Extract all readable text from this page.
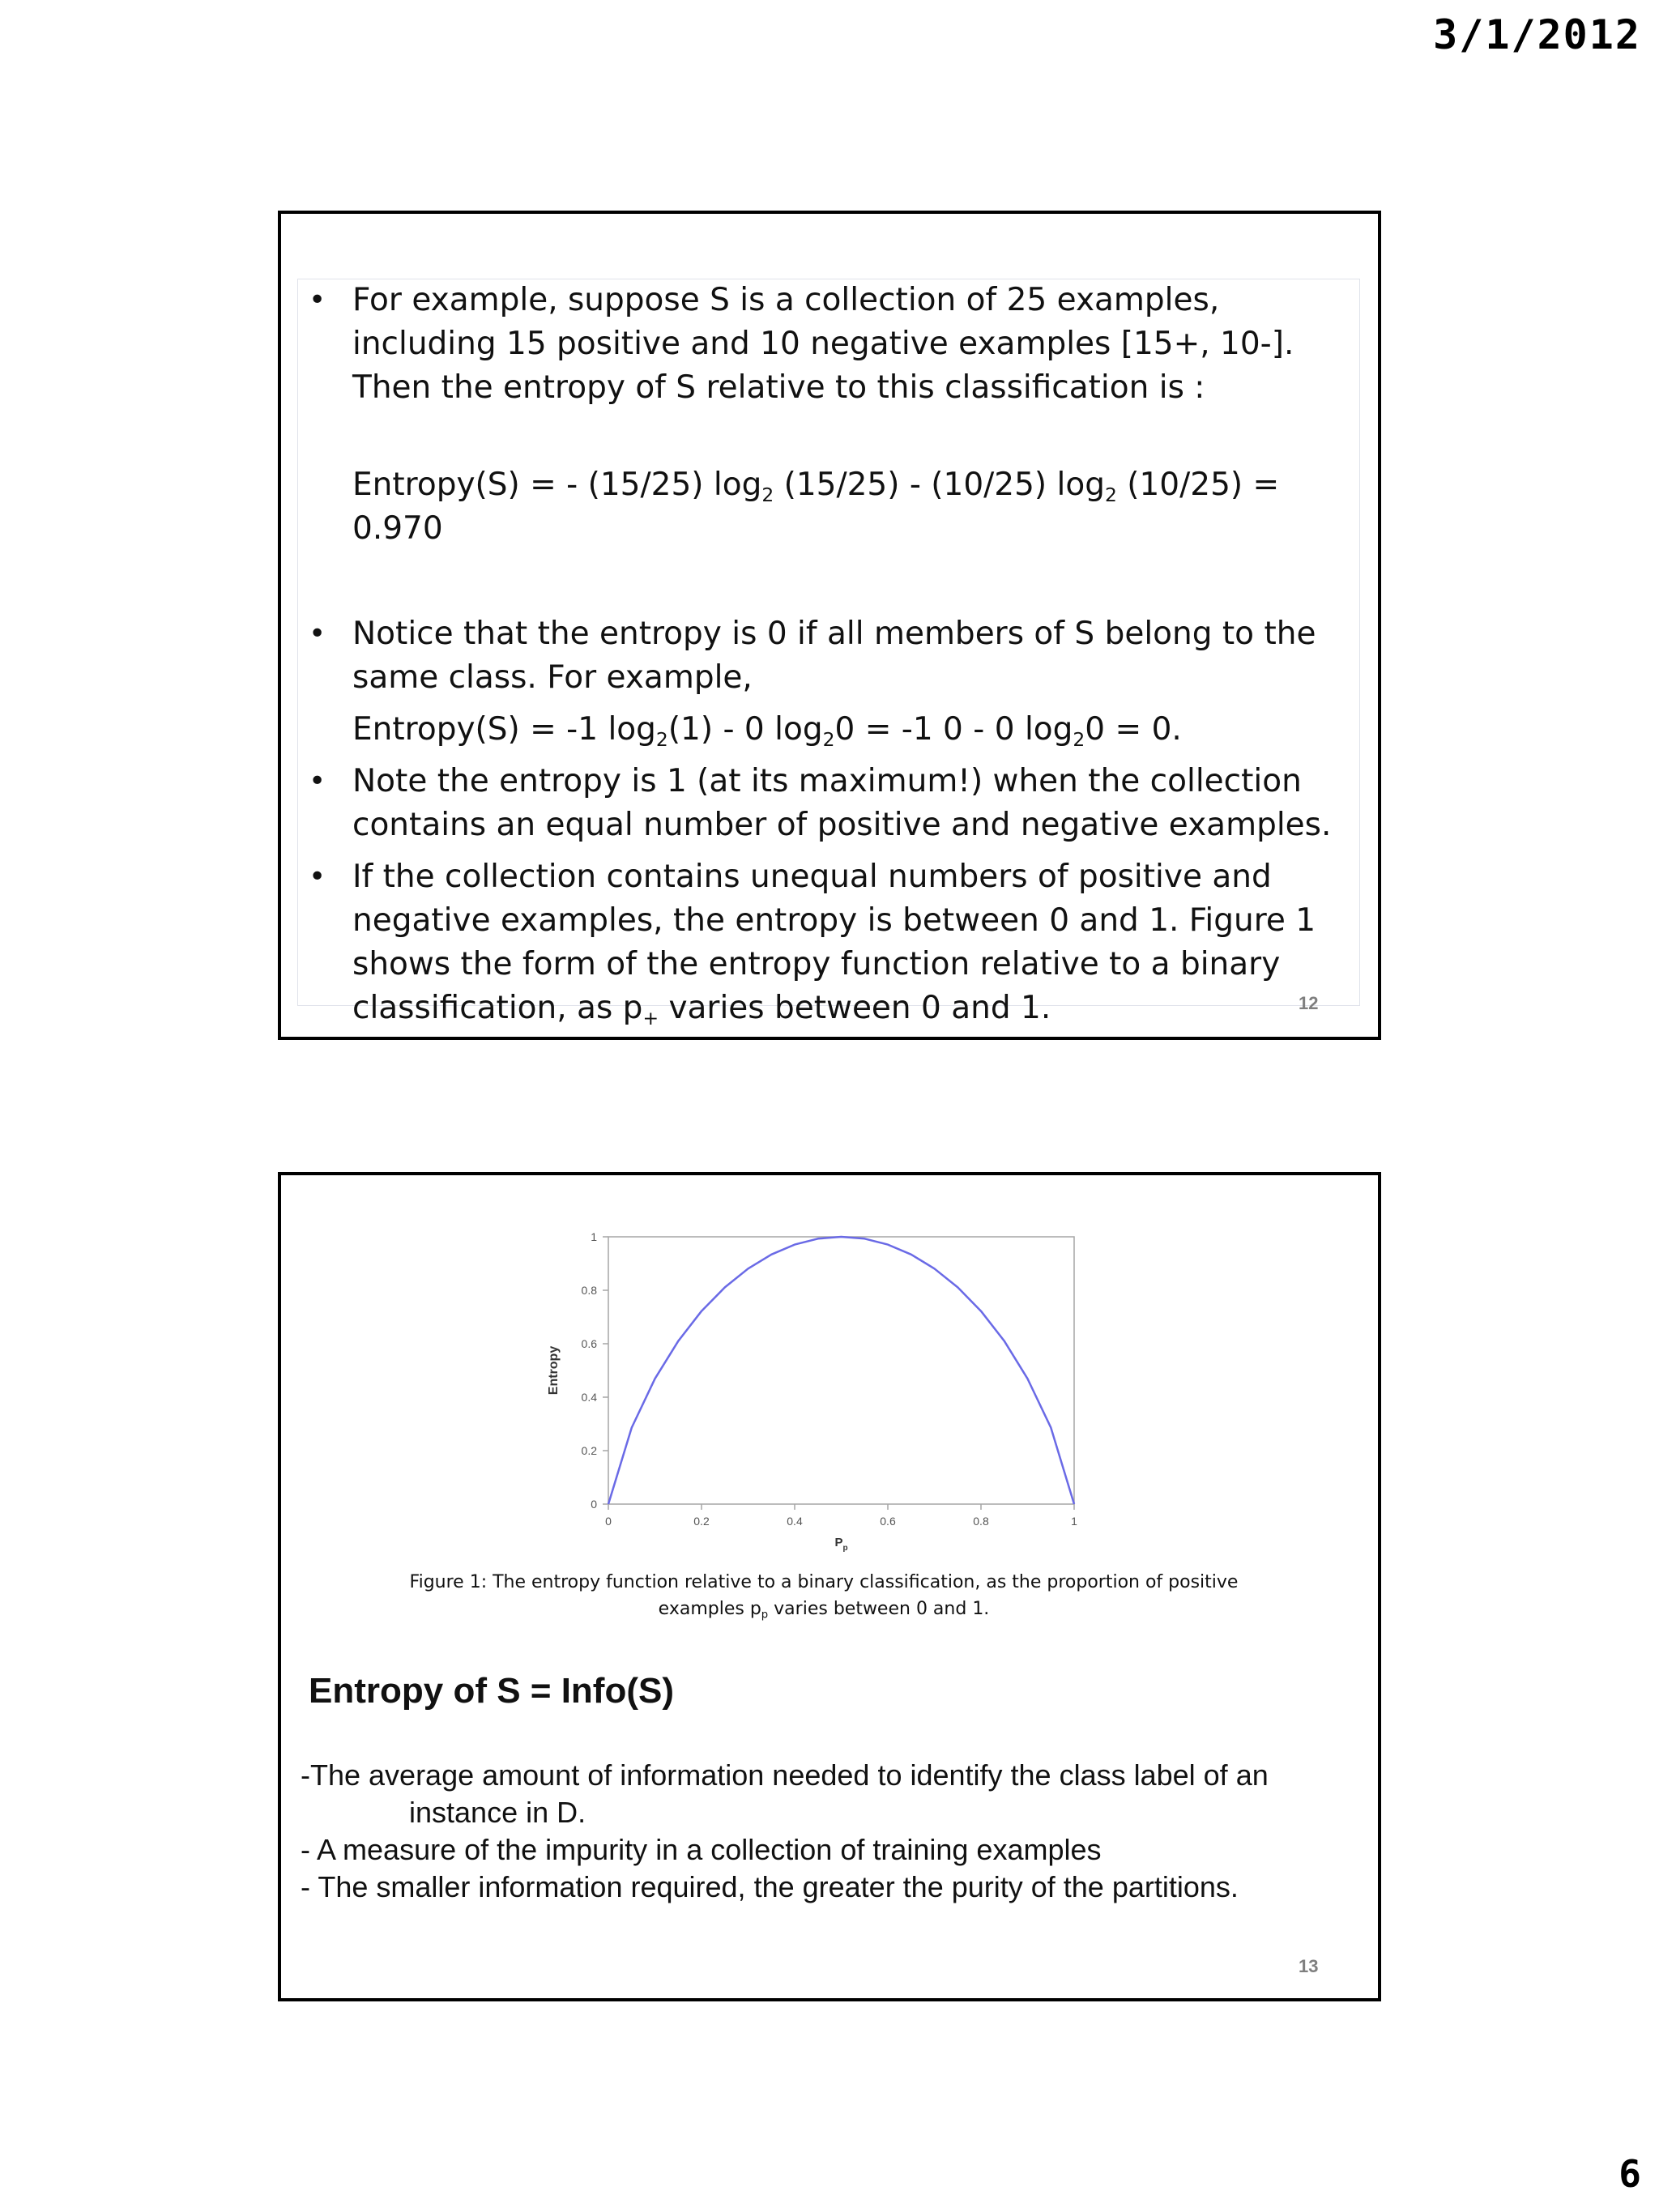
3/1/2012
• For example, suppose S is a collection of 25 examples, including 15 positive and 10 negative examples [15+, 10-]. Then the entropy of S relative to this classification is :
Entropy(S) = - (15/25) $\log_2 (15/25) - (10/25)$ $\log_2 (10/25) = 0.970$
• Notice that the entropy is 0 if all members of S belong to the same class. For example,
Entropy(S) = -1 $\log_2(1) - 0$ $\log_20 = -1$ 0 - 0 $\log_20 = 0$.
• Note the entropy is 1 (at its maximum!) when the collection contains an equal number of positive and negative examples.
• If the collection contains unequal numbers of positive and negative examples, the entropy is between 0 and 1. Figure 1 shows the form of the entropy function relative to a binary classification, as $p_+$ varies between 0 and 1.	12
0
0.2
0.4
0.6
0.8
1
0	0.2	0.4	0.6	0.8	1
$P_p$
Entropy
Figure 1: The entropy function relative to a binary classification, as the proportion of positive
examples $p_p$ varies between 0 and 1.
Entropy of S = Info(S)
-The average amount of information needed to identify the class label of an
instance in D.
- A measure of the impurity in a collection of training examples
- The smaller information required, the greater the purity of the partitions.
13
6
